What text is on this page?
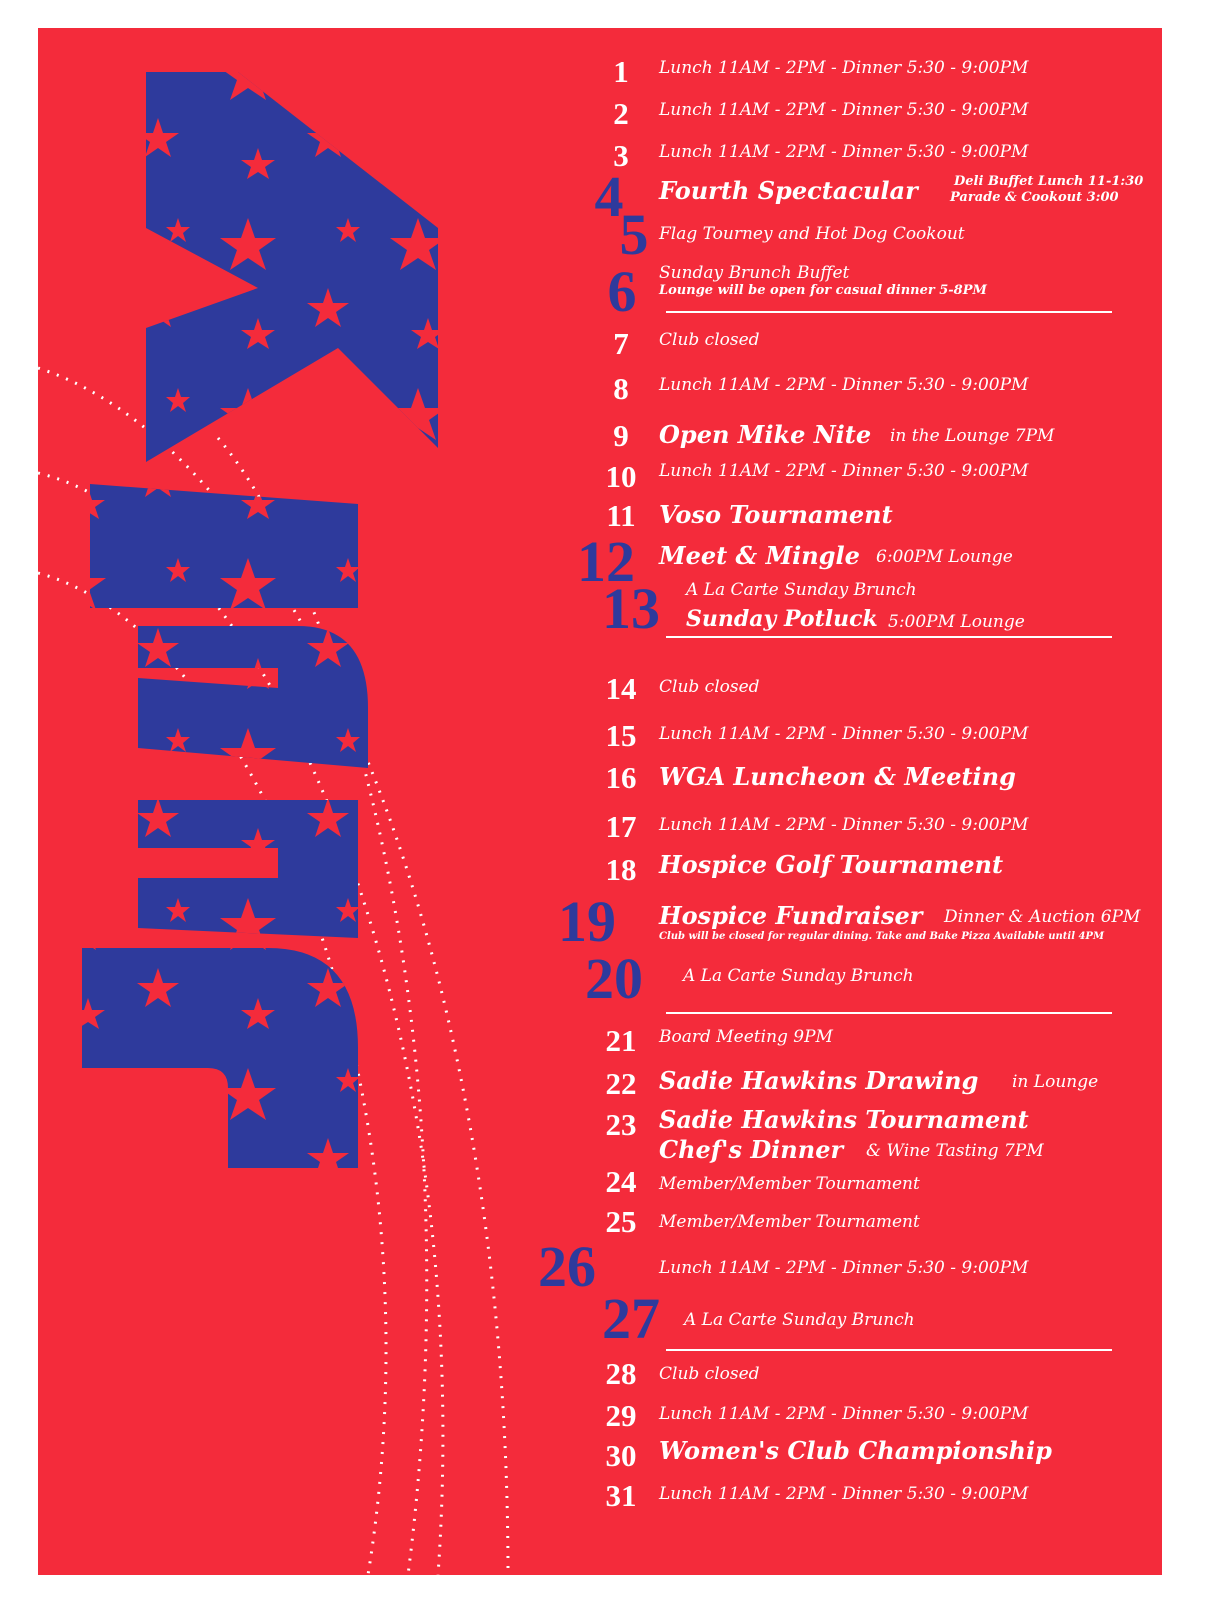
1	Lunch 11AM - 2PM - Dinner 5:30 - 9:00PM
2	Lunch 11AM - 2PM - Dinner 5:30 - 9:00PM
3	Lunch 11AM - 2PM - Dinner 5:30 - 9:00PM
4	Fourth Spectacular	Deli Buffet Lunch 11-1:30
Parade & Cookout 3:00
5 Flag Tourney and Hot Dog Cookout
6	Sunday Brunch Buffet
Lounge will be open for casual dinner 5-8PM
7	Club closed
8	Lunch 11AM - 2PM - Dinner 5:30 - 9:00PM
9	Open Mike Nite in the Lounge 7PM
10	Lunch 11AM - 2PM - Dinner 5:30 - 9:00PM
11 Voso Tournament
12 Meet & Mingle 6:00PM Lounge
13 A La Carte Sunday Brunch
Sunday Potluck 5:00PM Lounge
14	Club closed
15	Lunch 11AM - 2PM - Dinner 5:30 - 9:00PM
16 WGA Luncheon & Meeting
17	Lunch 11AM - 2PM - Dinner 5:30 - 9:00PM
18 Hospice Golf Tournament
19 Hospice Fundraiser Dinner & Auction 6PM
Club will be closed for regular dining. Take and Bake Pizza Available until 4PM
20 A La Carte Sunday Brunch
21	Board Meeting 9PM
22 Sadie Hawkins Drawing in Lounge
23 Sadie Hawkins Tournament
Chef's Dinner & Wine Tasting 7PM
24	Member/Member Tournament
25	Member/Member Tournament
26	Lunch 11AM - 2PM - Dinner 5:30 - 9:00PM
27 A La Carte Sunday Brunch
28	Club closed
29	Lunch 11AM - 2PM - Dinner 5:30 - 9:00PM
30 Women's Club Championship
31	Lunch 11AM - 2PM - Dinner 5:30 - 9:00PM
